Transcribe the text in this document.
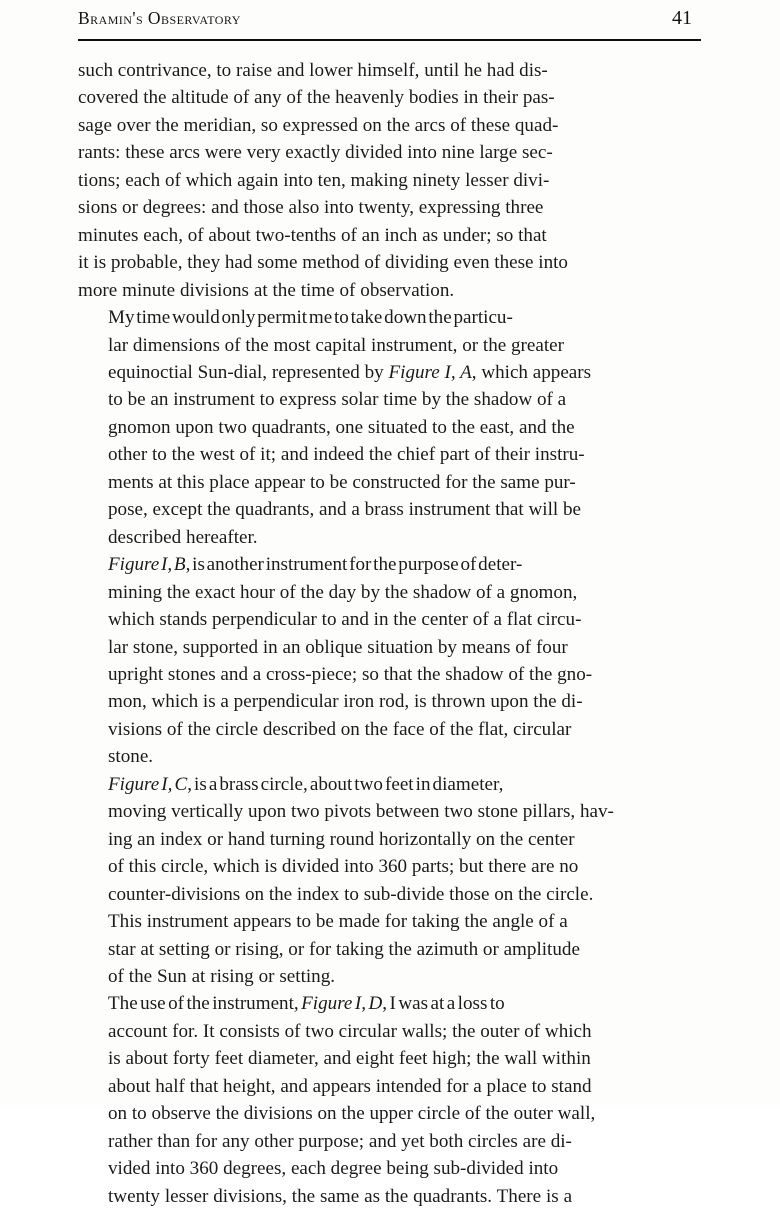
Bramin's Observatory	41

such contrivance, to raise and lower himself, until he had dis-
covered the altitude of any of the heavenly bodies in their pas-
sage over the meridian, so expressed on the arcs of these quad-
rants: these arcs were very exactly divided into nine large sec-
tions; each of which again into ten, making ninety lesser divi-
sions or degrees: and those also into twenty, expressing three
minutes each, of about two-tenths of an inch as under; so that
it is probable, they had some method of dividing even these into
more minute divisions at the time of observation.

My time would only permit me to take down the particu-
lar dimensions of the most capital instrument, or the greater
equinoctial Sun-dial, represented by Figure I, A, which appears
to be an instrument to express solar time by the shadow of a
gnomon upon two quadrants, one situated to the east, and the
other to the west of it; and indeed the chief part of their instru-
ments at this place appear to be constructed for the same pur-
pose, except the quadrants, and a brass instrument that will be
described hereafter.

Figure I, B, is another instrument for the purpose of deter-
mining the exact hour of the day by the shadow of a gnomon,
which stands perpendicular to and in the center of a flat circu-
lar stone, supported in an oblique situation by means of four
upright stones and a cross-piece; so that the shadow of the gno-
mon, which is a perpendicular iron rod, is thrown upon the di-
visions of the circle described on the face of the flat, circular
stone.

Figure I, C, is a brass circle, about two feet in diameter,
moving vertically upon two pivots between two stone pillars, hav-
ing an index or hand turning round horizontally on the center
of this circle, which is divided into 360 parts; but there are no
counter-divisions on the index to sub-divide those on the circle.
This instrument appears to be made for taking the angle of a
star at setting or rising, or for taking the azimuth or amplitude
of the Sun at rising or setting.

The use of the instrument, Figure I, D, I was at a loss to
account for. It consists of two circular walls; the outer of which
is about forty feet diameter, and eight feet high; the wall within
about half that height, and appears intended for a place to stand
on to observe the divisions on the upper circle of the outer wall,
rather than for any other purpose; and yet both circles are di-
vided into 360 degrees, each degree being sub-divided into
twenty lesser divisions, the same as the quadrants. There is a
